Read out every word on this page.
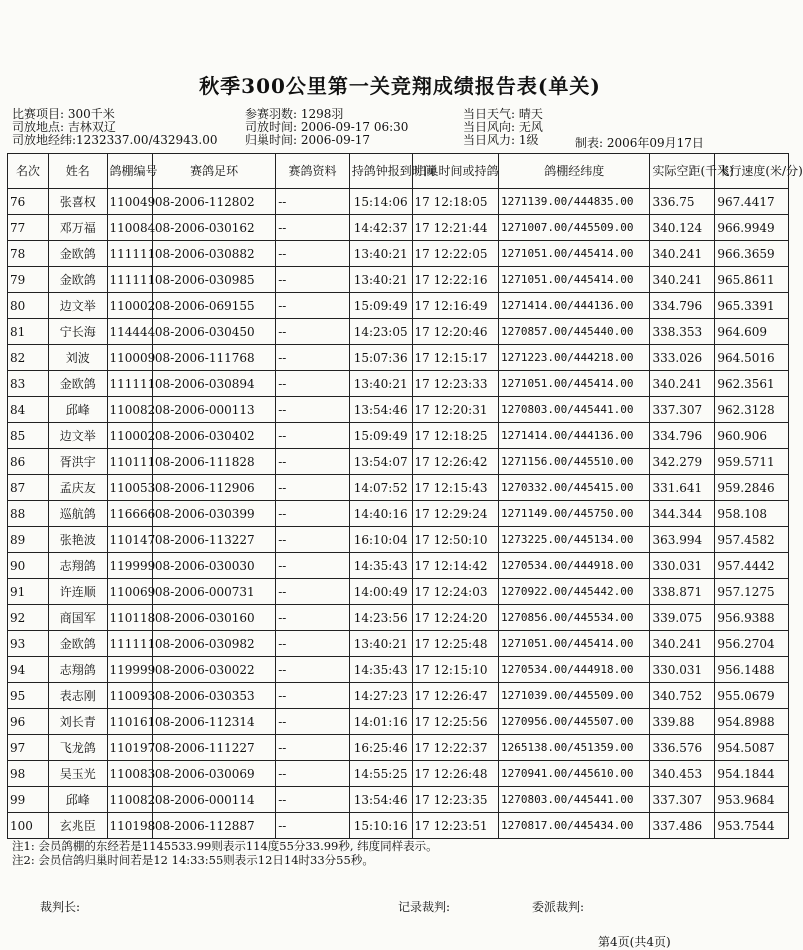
秋季300公里第一关竞翔成绩报告表(单关)
比赛项目: 300千米
司放地点: 吉林双辽
司放地经纬:1232337.00/432943.00
参赛羽数: 1298羽
司放时间: 2006-09-17 06:30
归巢时间: 2006-09-17
当日天气: 晴天
当日风向: 无风
当日风力: 1级	制表: 2006年09月17日
名次	姓名	鸽棚编号	赛鸽足环	赛鸽资料	持鸽钟报到时间	归巢时间或持鸽	鸽棚经纬度	实际空距(千米)	飞行速度(米/分)
76	张喜权	110049	08-2006-112802	--	15:14:06	17 12:18:05	1271139.00/444835.00	336.75	967.4417
77	邓万福	110084	08-2006-030162	--	14:42:37	17 12:21:44	1271007.00/445509.00	340.124	966.9949
78	金欧鸽	111111	08-2006-030882	--	13:40:21	17 12:22:05	1271051.00/445414.00	340.241	966.3659
79	金欧鸽	111111	08-2006-030985	--	13:40:21	17 12:22:16	1271051.00/445414.00	340.241	965.8611
80	边文举	110002	08-2006-069155	--	15:09:49	17 12:16:49	1271414.00/444136.00	334.796	965.3391
81	宁长海	114444	08-2006-030450	--	14:23:05	17 12:20:46	1270857.00/445440.00	338.353	964.609
82	刘波	110009	08-2006-111768	--	15:07:36	17 12:15:17	1271223.00/444218.00	333.026	964.5016
83	金欧鸽	111111	08-2006-030894	--	13:40:21	17 12:23:33	1271051.00/445414.00	340.241	962.3561
84	邱峰	110082	08-2006-000113	--	13:54:46	17 12:20:31	1270803.00/445441.00	337.307	962.3128
85	边文举	110002	08-2006-030402	--	15:09:49	17 12:18:25	1271414.00/444136.00	334.796	960.906
86	胥洪宇	110111	08-2006-111828	--	13:54:07	17 12:26:42	1271156.00/445510.00	342.279	959.5711
87	孟庆友	110053	08-2006-112906	--	14:07:52	17 12:15:43	1270332.00/445415.00	331.641	959.2846
88	巡航鸽	116666	08-2006-030399	--	14:40:16	17 12:29:24	1271149.00/445750.00	344.344	958.108
89	张艳波	110147	08-2006-113227	--	16:10:04	17 12:50:10	1273225.00/445134.00	363.994	957.4582
90	志翔鸽	119999	08-2006-030030	--	14:35:43	17 12:14:42	1270534.00/444918.00	330.031	957.4442
91	许连顺	110069	08-2006-000731	--	14:00:49	17 12:24:03	1270922.00/445442.00	338.871	957.1275
92	商国军	110118	08-2006-030160	--	14:23:56	17 12:24:20	1270856.00/445534.00	339.075	956.9388
93	金欧鸽	111111	08-2006-030982	--	13:40:21	17 12:25:48	1271051.00/445414.00	340.241	956.2704
94	志翔鸽	119999	08-2006-030022	--	14:35:43	17 12:15:10	1270534.00/444918.00	330.031	956.1488
95	表志刚	110093	08-2006-030353	--	14:27:23	17 12:26:47	1271039.00/445509.00	340.752	955.0679
96	刘长青	110161	08-2006-112314	--	14:01:16	17 12:25:56	1270956.00/445507.00	339.88	954.8988
97	飞龙鸽	110197	08-2006-111227	--	16:25:46	17 12:22:37	1265138.00/451359.00	336.576	954.5087
98	吴玉光	110083	08-2006-030069	--	14:55:25	17 12:26:48	1270941.00/445610.00	340.453	954.1844
99	邱峰	110082	08-2006-000114	--	13:54:46	17 12:23:35	1270803.00/445441.00	337.307	953.9684
100	玄兆臣	110198	08-2006-112887	--	15:10:16	17 12:23:51	1270817.00/445434.00	337.486	953.7544
注1: 会员鸽棚的东经若是1145533.99则表示114度55分33.99秒, 纬度同样表示。
注2: 会员信鸽归巢时间若是12 14:33:55则表示12日14时33分55秒。
裁判长:	记录裁判:	委派裁判:
第4页(共4页)
